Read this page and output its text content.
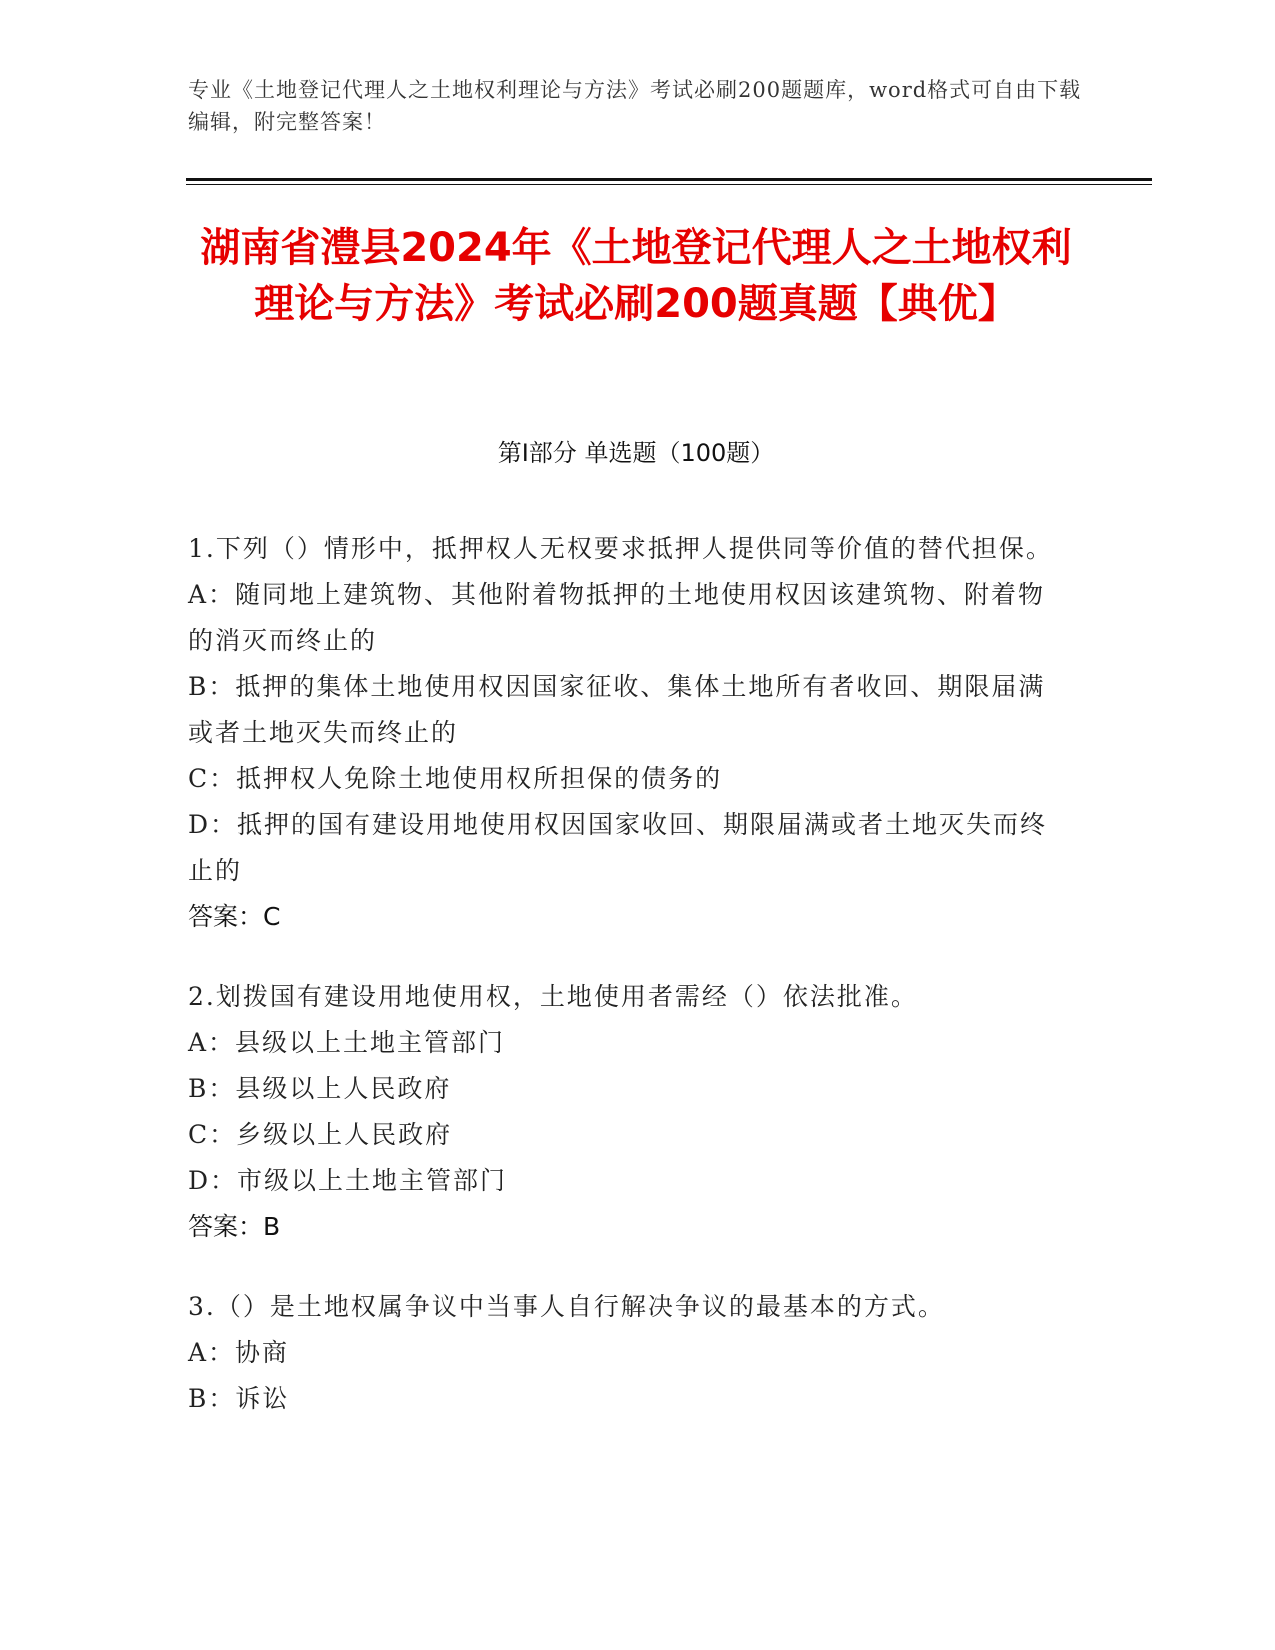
专业《土地登记代理人之土地权利理论与方法》考试必刷200题题库，word格式可自由下载编辑，附完整答案！
湖南省澧县2024年《土地登记代理人之土地权利理论与方法》考试必刷200题真题【典优】
第I部分 单选题（100题）
1.下列（）情形中，抵押权人无权要求抵押人提供同等价值的替代担保。
A：随同地上建筑物、其他附着物抵押的土地使用权因该建筑物、附着物的消灭而终止的
B：抵押的集体土地使用权因国家征收、集体土地所有者收回、期限届满或者土地灭失而终止的
C：抵押权人免除土地使用权所担保的债务的
D：抵押的国有建设用地使用权因国家收回、期限届满或者土地灭失而终止的
答案：C
2.划拨国有建设用地使用权，土地使用者需经（）依法批准。
A：县级以上土地主管部门
B：县级以上人民政府
C：乡级以上人民政府
D：市级以上土地主管部门
答案：B
3.（）是土地权属争议中当事人自行解决争议的最基本的方式。
A：协商
B：诉讼
